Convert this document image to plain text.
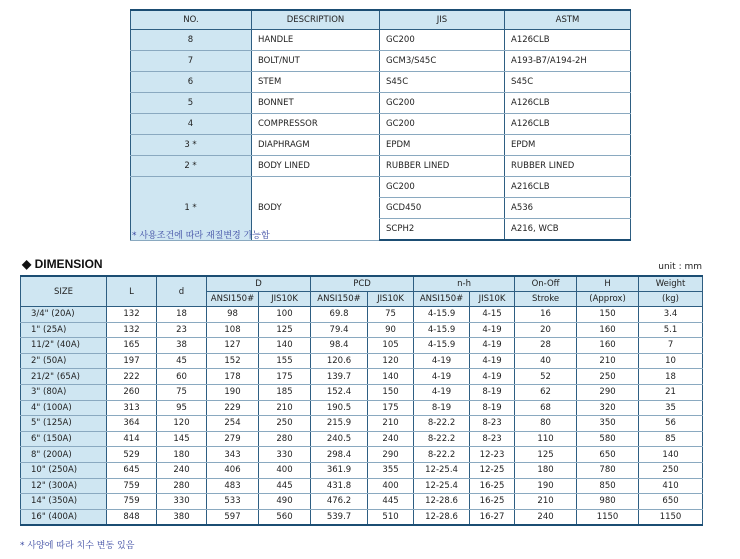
NO.	DESCRIPTION	JIS	ASTM
8	HANDLE	GC200	A126CLB
7	BOLT/NUT	GCM3/S45C	A193-B7/A194-2H
6	STEM	S45C	S45C
5	BONNET	GC200	A126CLB
4	COMPRESSOR	GC200	A126CLB
3 *	DIAPHRAGM	EPDM	EPDM
2 *	BODY LINED	RUBBER LINED	RUBBER LINED
1 *	BODY	GC200	A216CLB
		GCD450	A536
		SCPH2	A216, WCB
* 사용조건에 따라 재질변경 가능함
◆ DIMENSION	unit : mm
SIZE	L	d	D		PCD		n-h		On-Off	H	Weight
			ANSI150#	JIS10K	ANSI150#	JIS10K	ANSI150#	JIS10K	Stroke	(Approx)	(kg)
3/4" (20A)	132	18	98	100	69.8	75	4-15.9	4-15	16	150	3.4
1" (25A)	132	23	108	125	79.4	90	4-15.9	4-19	20	160	5.1
11/2" (40A)	165	38	127	140	98.4	105	4-15.9	4-19	28	160	7
2" (50A)	197	45	152	155	120.6	120	4-19	4-19	40	210	10
21/2" (65A)	222	60	178	175	139.7	140	4-19	4-19	52	250	18
3" (80A)	260	75	190	185	152.4	150	4-19	8-19	62	290	21
4" (100A)	313	95	229	210	190.5	175	8-19	8-19	68	320	35
5" (125A)	364	120	254	250	215.9	210	8-22.2	8-23	80	350	56
6" (150A)	414	145	279	280	240.5	240	8-22.2	8-23	110	580	85
8" (200A)	529	180	343	330	298.4	290	8-22.2	12-23	125	650	140
10" (250A)	645	240	406	400	361.9	355	12-25.4	12-25	180	780	250
12" (300A)	759	280	483	445	431.8	400	12-25.4	16-25	190	850	410
14" (350A)	759	330	533	490	476.2	445	12-28.6	16-25	210	980	650
16" (400A)	848	380	597	560	539.7	510	12-28.6	16-27	240	1150	1150
* 사양에 따라 치수 변동 있음
